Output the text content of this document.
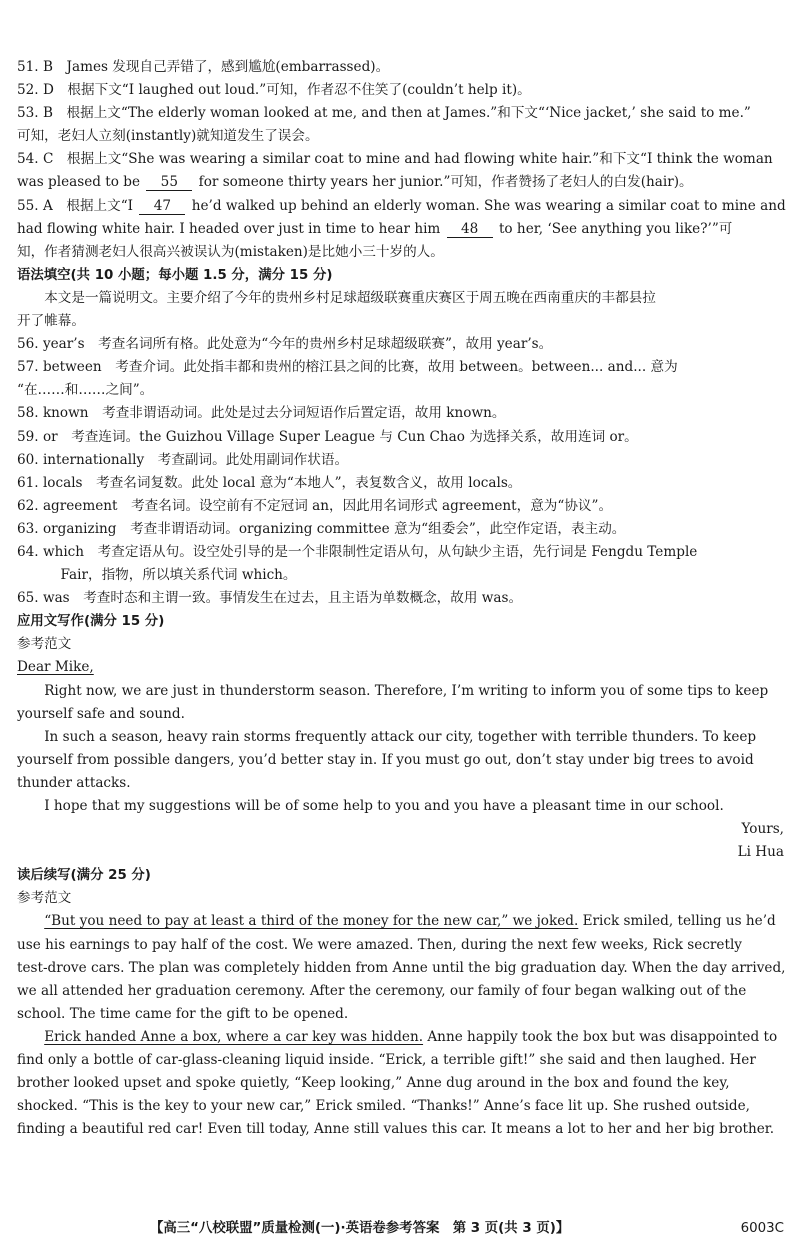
51. B　James 发现自己弄错了，感到尴尬(embarrassed)。
52. D　根据下文“I laughed out loud.”可知，作者忍不住笑了(couldn’t help it)。
53. B　根据上文“The elderly woman looked at me, and then at James.”和下文“‘Nice jacket,’ she said to me.”
可知，老妇人立刻(instantly)就知道发生了误会。
54. C　根据上文“She was wearing a similar coat to mine and had flowing white hair.”和下文“I think the woman
was pleased to be 55 for someone thirty years her junior.”可知，作者赞扬了老妇人的白发(hair)。
55. A　根据上文“I 47 he’d walked up behind an elderly woman. She was wearing a similar coat to mine and
had flowing white hair. I headed over just in time to hear him 48 to her, ‘See anything you like?’”可
知，作者猜测老妇人很高兴被误认为(mistaken)是比她小三十岁的人。
语法填空(共 10 小题；每小题 1.5 分，满分 15 分)
本文是一篇说明文。主要介绍了今年的贵州乡村足球超级联赛重庆赛区于周五晚在西南重庆的丰都县拉
开了帷幕。
56. year’s　考查名词所有格。此处意为“今年的贵州乡村足球超级联赛”，故用 year’s。
57. between　考查介词。此处指丰都和贵州的榕江县之间的比赛，故用 between。between... and... 意为
“在……和……之间”。
58. known　考查非谓语动词。此处是过去分词短语作后置定语，故用 known。
59. or　考查连词。the Guizhou Village Super League 与 Cun Chao 为选择关系，故用连词 or。
60. internationally　考查副词。此处用副词作状语。
61. locals　考查名词复数。此处 local 意为“本地人”，表复数含义，故用 locals。
62. agreement　考查名词。设空前有不定冠词 an，因此用名词形式 agreement，意为“协议”。
63. organizing　考查非谓语动词。organizing committee 意为“组委会”，此空作定语，表主动。
64. which　考查定语从句。设空处引导的是一个非限制性定语从句，从句缺少主语，先行词是 Fengdu Temple
Fair，指物，所以填关系代词 which。
65. was　考查时态和主谓一致。事情发生在过去，且主语为单数概念，故用 was。
应用文写作(满分 15 分)
参考范文
Dear Mike,
Right now, we are just in thunderstorm season. Therefore, I’m writing to inform you of some tips to keep
yourself safe and sound.
In such a season, heavy rain storms frequently attack our city, together with terrible thunders. To keep
yourself from possible dangers, you’d better stay in. If you must go out, don’t stay under big trees to avoid
thunder attacks.
I hope that my suggestions will be of some help to you and you have a pleasant time in our school.
Yours,
Li Hua
读后续写(满分 25 分)
参考范文
“But you need to pay at least a third of the money for the new car,” we joked. Erick smiled, telling us he’d
use his earnings to pay half of the cost. We were amazed. Then, during the next few weeks, Rick secretly
test-drove cars. The plan was completely hidden from Anne until the big graduation day. When the day arrived,
we all attended her graduation ceremony. After the ceremony, our family of four began walking out of the
school. The time came for the gift to be opened.
Erick handed Anne a box, where a car key was hidden. Anne happily took the box but was disappointed to
find only a bottle of car-glass-cleaning liquid inside. “Erick, a terrible gift!” she said and then laughed. Her
brother looked upset and spoke quietly, “Keep looking,” Anne dug around in the box and found the key,
shocked. “This is the key to your new car,” Erick smiled. “Thanks!” Anne’s face lit up. She rushed outside,
finding a beautiful red car! Even till today, Anne still values this car. It means a lot to her and her big brother.
【高三“八校联盟”质量检测(一)·英语卷参考答案　第 3 页(共 3 页)】	6003C
